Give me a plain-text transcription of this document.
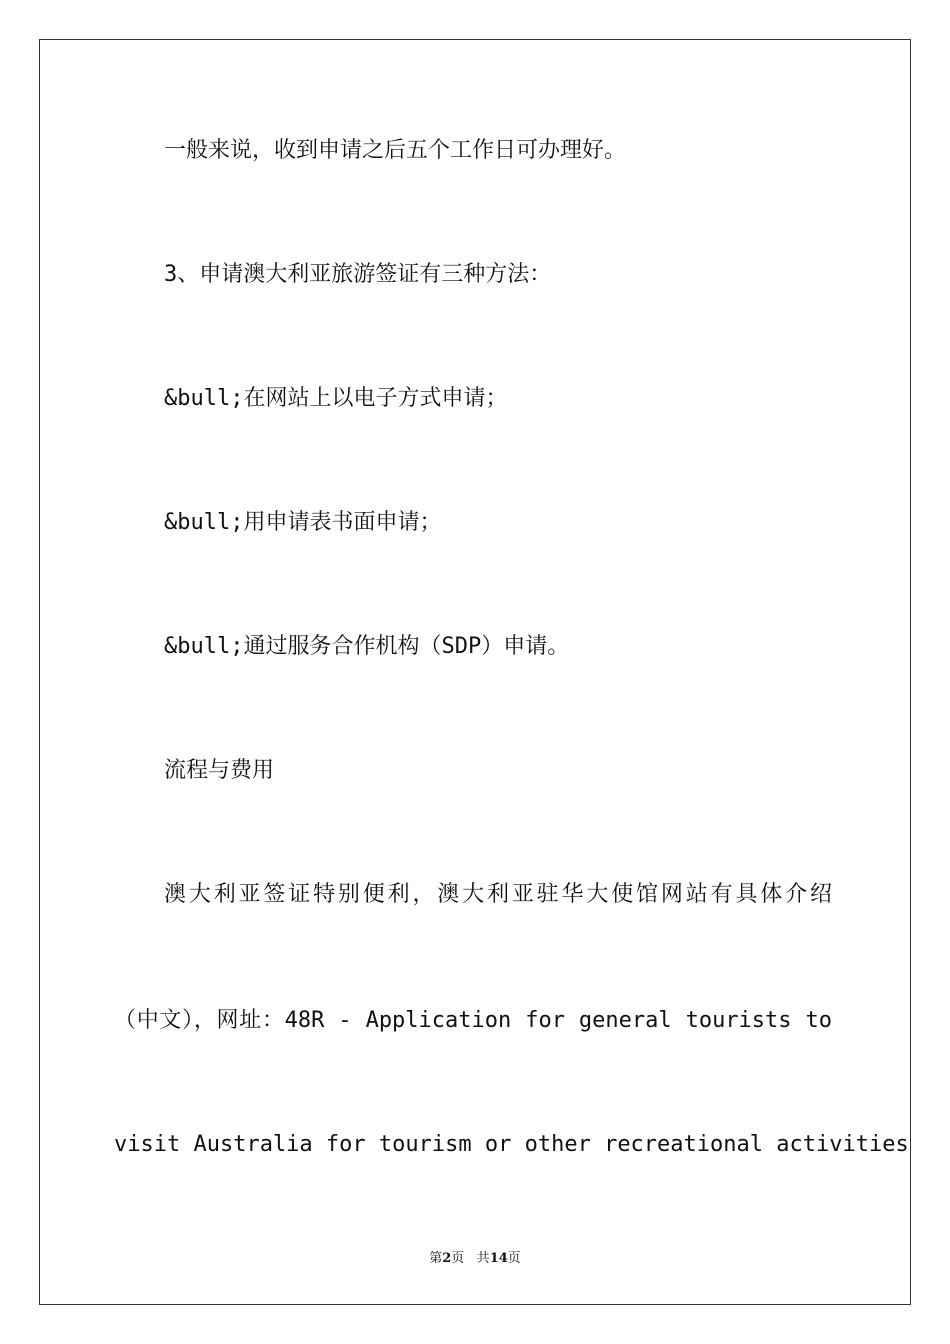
一般来说，收到申请之后五个工作日可办理好。
3、申请澳大利亚旅游签证有三种方法：
&bull;在网站上以电子方式申请；
&bull;用申请表书面申请；
&bull;通过服务合作机构（SDP）申请。
流程与费用
澳大利亚签证特别便利，澳大利亚驻华大使馆网站有具体介绍
（中文），网址：48R - Application for general tourists to
visit Australia for tourism or other recreational activities
第2页 共14页
